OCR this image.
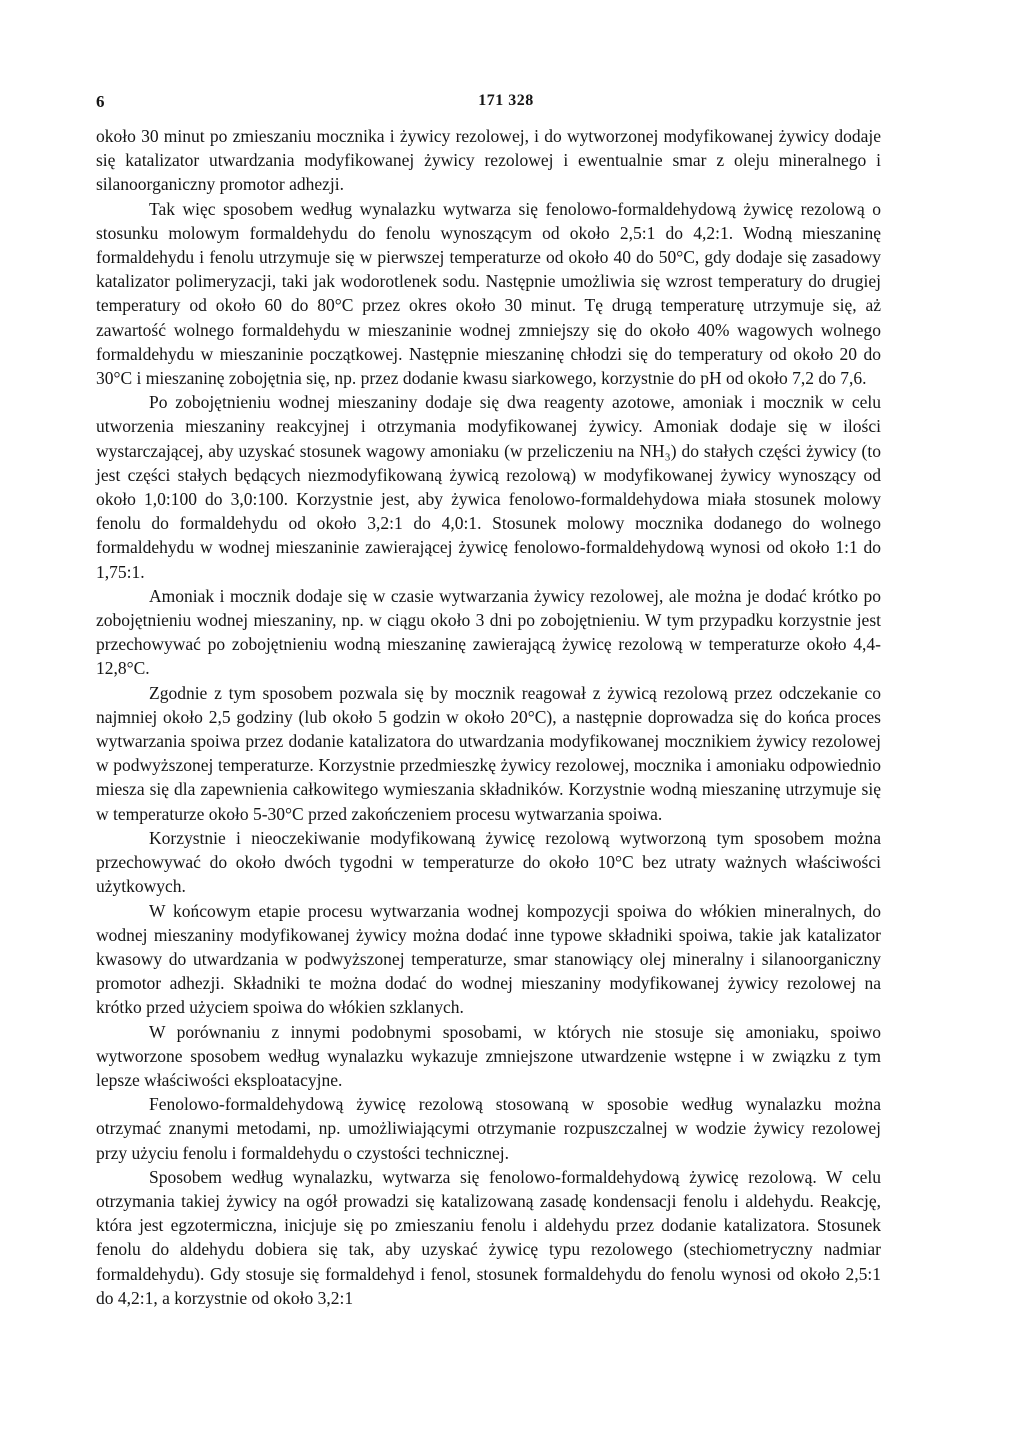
6	171 328

około 30 minut po zmieszaniu mocznika i żywicy rezolowej, i do wytworzonej modyfikowanej żywicy dodaje się katalizator utwardzania modyfikowanej żywicy rezolowej i ewentualnie smar z oleju mineralnego i silanoorganiczny promotor adhezji.

Tak więc sposobem według wynalazku wytwarza się fenolowo-formaldehydową żywicę rezolową o stosunku molowym formaldehydu do fenolu wynoszącym od około 2,5:1 do 4,2:1. Wodną mieszaninę formaldehydu i fenolu utrzymuje się w pierwszej temperaturze od około 40 do 50°C, gdy dodaje się zasadowy katalizator polimeryzacji, taki jak wodorotlenek sodu. Następnie umożliwia się wzrost temperatury do drugiej temperatury od około 60 do 80°C przez okres około 30 minut. Tę drugą temperaturę utrzymuje się, aż zawartość wolnego formaldehydu w mieszaninie wodnej zmniejszy się do około 40% wagowych wolnego formaldehydu w mieszaninie początkowej. Następnie mieszaninę chłodzi się do temperatury od około 20 do 30°C i mieszaninę zobojętnia się, np. przez dodanie kwasu siarkowego, korzystnie do pH od około 7,2 do 7,6.

Po zobojętnieniu wodnej mieszaniny dodaje się dwa reagenty azotowe, amoniak i mocznik w celu utworzenia mieszaniny reakcyjnej i otrzymania modyfikowanej żywicy. Amoniak dodaje się w ilości wystarczającej, aby uzyskać stosunek wagowy amoniaku (w przeliczeniu na NH₃) do stałych części żywicy (to jest części stałych będących niezmodyfikowaną żywicą rezolową) w modyfikowanej żywicy wynoszący od około 1,0:100 do 3,0:100. Korzystnie jest, aby żywica fenolowo-formaldehydowa miała stosunek molowy fenolu do formaldehydu od około 3,2:1 do 4,0:1. Stosunek molowy mocznika dodanego do wolnego formaldehydu w wodnej mieszaninie zawierającej żywicę fenolowo-formaldehydową wynosi od około 1:1 do 1,75:1.

Amoniak i mocznik dodaje się w czasie wytwarzania żywicy rezolowej, ale można je dodać krótko po zobojętnieniu wodnej mieszaniny, np. w ciągu około 3 dni po zobojętnieniu. W tym przypadku korzystnie jest przechowywać po zobojętnieniu wodną mieszaninę zawierającą żywicę rezolową w temperaturze około 4,4-12,8°C.

Zgodnie z tym sposobem pozwala się by mocznik reagował z żywicą rezolową przez odczekanie co najmniej około 2,5 godziny (lub około 5 godzin w około 20°C), a następnie doprowadza się do końca proces wytwarzania spoiwa przez dodanie katalizatora do utwardzania modyfikowanej mocznikiem żywicy rezolowej w podwyższonej temperaturze. Korzystnie przedmieszkę żywicy rezolowej, mocznika i amoniaku odpowiednio miesza się dla zapewnienia całkowitego wymieszania składników. Korzystnie wodną mieszaninę utrzymuje się w temperaturze około 5-30°C przed zakończeniem procesu wytwarzania spoiwa.

Korzystnie i nieoczekiwanie modyfikowaną żywicę rezolową wytworzoną tym sposobem można przechowywać do około dwóch tygodni w temperaturze do około 10°C bez utraty ważnych właściwości użytkowych.

W końcowym etapie procesu wytwarzania wodnej kompozycji spoiwa do włókien mineralnych, do wodnej mieszaniny modyfikowanej żywicy można dodać inne typowe składniki spoiwa, takie jak katalizator kwasowy do utwardzania w podwyższonej temperaturze, smar stanowiący olej mineralny i silanoorganiczny promotor adhezji. Składniki te można dodać do wodnej mieszaniny modyfikowanej żywicy rezolowej na krótko przed użyciem spoiwa do włókien szklanych.

W porównaniu z innymi podobnymi sposobami, w których nie stosuje się amoniaku, spoiwo wytworzone sposobem według wynalazku wykazuje zmniejszone utwardzenie wstępne i w związku z tym lepsze właściwości eksploatacyjne.

Fenolowo-formaldehydową żywicę rezolową stosowaną w sposobie według wynalazku można otrzymać znanymi metodami, np. umożliwiającymi otrzymanie rozpuszczalnej w wodzie żywicy rezolowej przy użyciu fenolu i formaldehydu o czystości technicznej.

Sposobem według wynalazku, wytwarza się fenolowo-formaldehydową żywicę rezolową. W celu otrzymania takiej żywicy na ogół prowadzi się katalizowaną zasadę kondensacji fenolu i aldehydu. Reakcję, która jest egzotermiczna, inicjuje się po zmieszaniu fenolu i aldehydu przez dodanie katalizatora. Stosunek fenolu do aldehydu dobiera się tak, aby uzyskać żywicę typu rezolowego (stechiometryczny nadmiar formaldehydu). Gdy stosuje się formaldehyd i fenol, stosunek formaldehydu do fenolu wynosi od około 2,5:1 do 4,2:1, a korzystnie od około 3,2:1
